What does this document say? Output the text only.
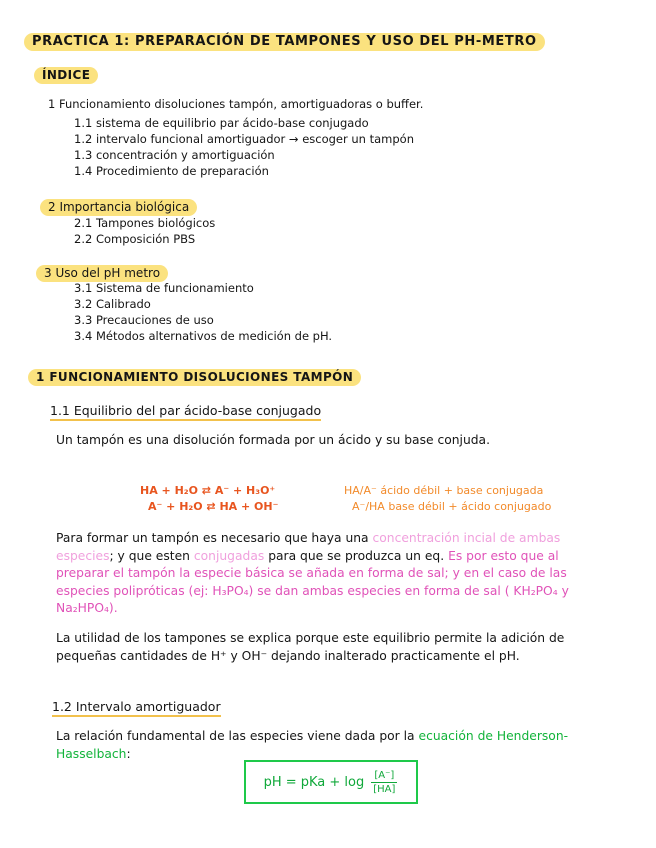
PRACTICA 1: PREPARACIÓN DE TAMPONES Y USO DEL PH-METRO
ÍNDICE
1 Funcionamiento disoluciones tampón, amortiguadoras o buffer.
1.1 sistema de equilibrio par ácido-base conjugado
1.2 intervalo funcional amortiguador → escoger un tampón
1.3 concentración y amortiguación
1.4 Procedimiento de preparación
2 Importancia biológica
2.1 Tampones biológicos
2.2 Composición PBS
3 Uso del pH metro
3.1 Sistema de funcionamiento
3.2 Calibrado
3.3 Precauciones de uso
3.4 Métodos alternativos de medición de pH.
1 FUNCIONAMIENTO DISOLUCIONES TAMPÓN
1.1 Equilibrio del par ácido-base conjugado
Un tampón es una disolución formada por un ácido y su base conjuda.
HA + H₂O ⇄ A⁻ + H₃O⁺
A⁻ + H₂O ⇄ HA + OH⁻
HA/A⁻ ácido débil + base conjugada
A⁻/HA base débil + ácido conjugado
Para formar un tampón es necesario que haya una concentración incial de ambas especies; y que esten conjugadas para que se produzca un eq. Es por esto que al preparar el tampón la especie básica se añada en forma de sal; y en el caso de las especies polipróticas (ej: H₃PO₄) se dan ambas especies en forma de sal ( KH₂PO₄ y Na₂HPO₄).
La utilidad de los tampones se explica porque este equilibrio permite la adición de pequeñas cantidades de H⁺ y OH⁻ dejando inalterado practicamente el pH.
1.2 Intervalo amortiguador
La relación fundamental de las especies viene dada por la ecuación de Henderson-Hasselbach:
pH = pKa + $\log \frac{[A^-]}{[HA]}$
